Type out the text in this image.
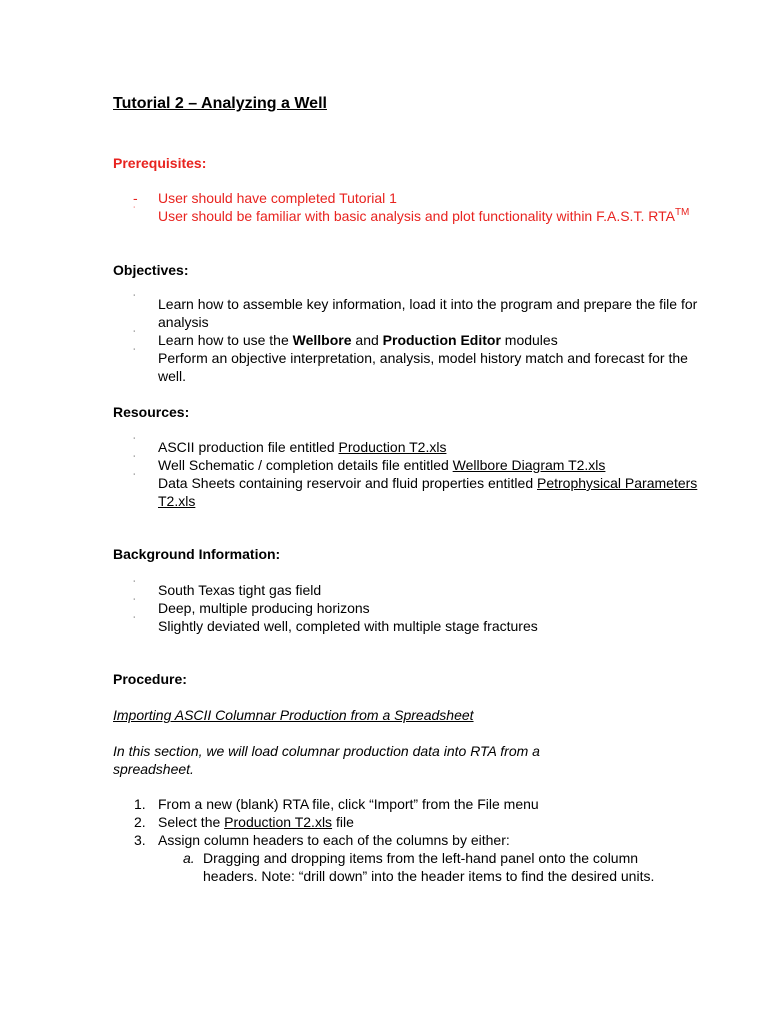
Tutorial 2 – Analyzing a Well
Prerequisites:
-	User should have completed Tutorial 1
˙	User should be familiar with basic analysis and plot functionality within F.A.S.T. RTA™
Objectives:
˙	Learn how to assemble key information, load it into the program and prepare the file for analysis
˙	Learn how to use the Wellbore and Production Editor modules
˙	Perform an objective interpretation, analysis, model history match and forecast for the well.
Resources:
˙	ASCII production file entitled Production T2.xls
˙	Well Schematic / completion details file entitled Wellbore Diagram T2.xls
˙	Data Sheets containing reservoir and fluid properties entitled Petrophysical Parameters T2.xls
Background Information:
˙	South Texas tight gas field
˙	Deep, multiple producing horizons
˙	Slightly deviated well, completed with multiple stage fractures
Procedure:
Importing ASCII Columnar Production from a Spreadsheet
In this section, we will load columnar production data into RTA from a spreadsheet.
1. From a new (blank) RTA file, click “Import” from the File menu
2. Select the Production T2.xls file
3. Assign column headers to each of the columns by either:
a. Dragging and dropping items from the left-hand panel onto the column headers. Note: “drill down” into the header items to find the desired units.
